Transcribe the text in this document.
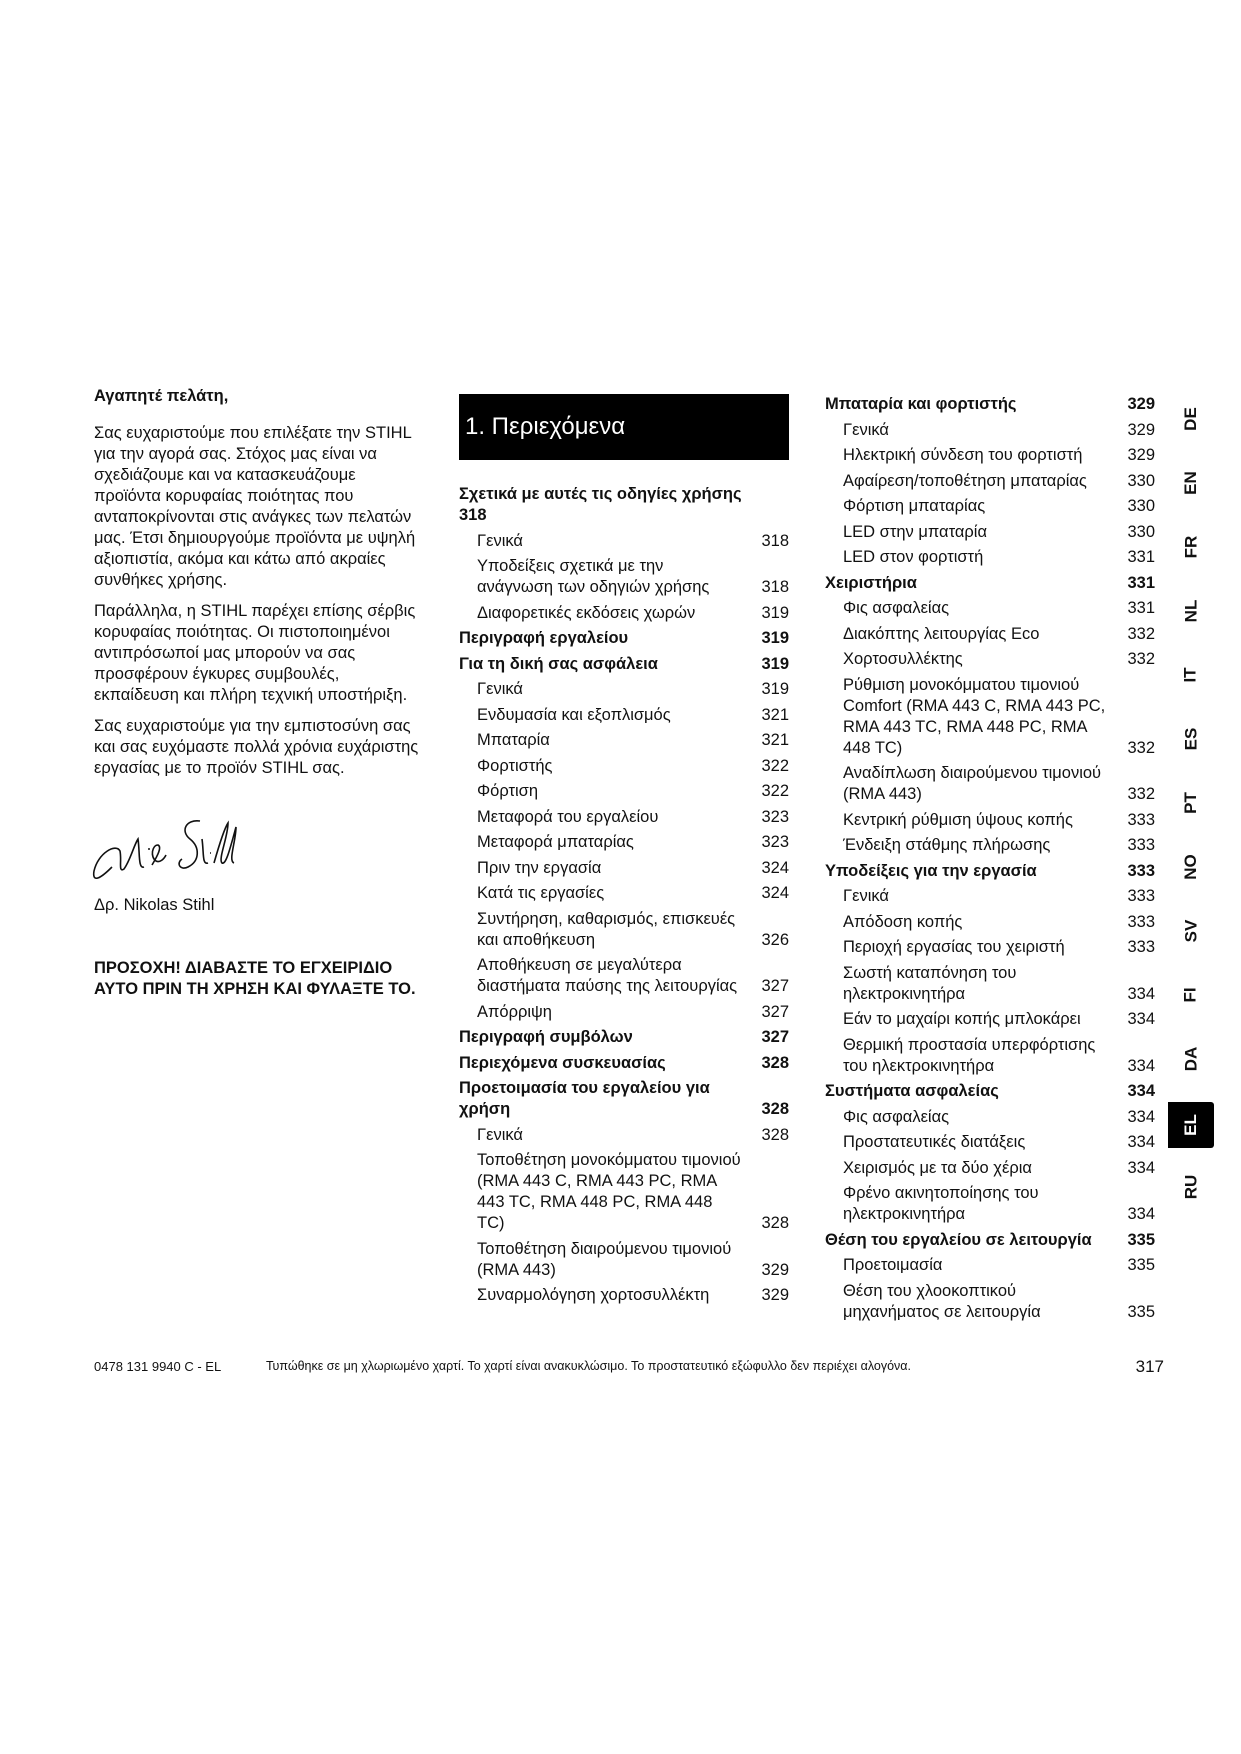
Αγαπητέ πελάτη,

Σας ευχαριστούμε που επιλέξατε την STIHL για την αγορά σας. Στόχος μας είναι να σχεδιάζουμε και να κατασκευάζουμε προϊόντα κορυφαίας ποιότητας που ανταποκρίνονται στις ανάγκες των πελατών μας. Έτσι δημιουργούμε προϊόντα με υψηλή αξιοπιστία, ακόμα και κάτω από ακραίες συνθήκες χρήσης.

Παράλληλα, η STIHL παρέχει επίσης σέρβις κορυφαίας ποιότητας. Οι πιστοποιημένοι αντιπρόσωποί μας μπορούν να σας προσφέρουν έγκυρες συμβουλές, εκπαίδευση και πλήρη τεχνική υποστήριξη.

Σας ευχαριστούμε για την εμπιστοσύνη σας και σας ευχόμαστε πολλά χρόνια ευχάριστης εργασίας με το προϊόν STIHL σας.

Δρ. Nikolas Stihl
ΠΡΟΣΟΧΗ! ΔΙΑΒΑΣΤΕ ΤΟ ΕΓΧΕΙΡΙΔΙΟ ΑΥΤΟ ΠΡΙΝ ΤΗ ΧΡΗΣΗ ΚΑΙ ΦΥΛΑΞΤΕ ΤΟ.
1. Περιεχόμενα
Σχετικά με αυτές τις οδηγίες χρήσης 318
Γενικά	318
Υποδείξεις σχετικά με την ανάγνωση των οδηγιών χρήσης	318
Διαφορετικές εκδόσεις χωρών	319
Περιγραφή εργαλείου	319
Για τη δική σας ασφάλεια	319
Γενικά	319
Ενδυμασία και εξοπλισμός	321
Μπαταρία	321
Φορτιστής	322
Φόρτιση	322
Μεταφορά του εργαλείου	323
Μεταφορά μπαταρίας	323
Πριν την εργασία	324
Κατά τις εργασίες	324
Συντήρηση, καθαρισμός, επισκευές και αποθήκευση	326
Αποθήκευση σε μεγαλύτερα διαστήματα παύσης της λειτουργίας	327
Απόρριψη	327
Περιγραφή συμβόλων	327
Περιεχόμενα συσκευασίας	328
Προετοιμασία του εργαλείου για χρήση	328
Γενικά	328
Τοποθέτηση μονοκόμματου τιμονιού (RMA 443 C, RMA 443 PC, RMA 443 TC, RMA 448 PC, RMA 448 TC)	328
Τοποθέτηση διαιρούμενου τιμονιού (RMA 443)	329
Συναρμολόγηση χορτοσυλλέκτη	329
Μπαταρία και φορτιστής	329
Γενικά	329
Ηλεκτρική σύνδεση του φορτιστή	329
Αφαίρεση/τοποθέτηση μπαταρίας	330
Φόρτιση μπαταρίας	330
LED στην μπαταρία	330
LED στον φορτιστή	331
Χειριστήρια	331
Φις ασφαλείας	331
Διακόπτης λειτουργίας Eco	332
Χορτοσυλλέκτης	332
Ρύθμιση μονοκόμματου τιμονιού Comfort (RMA 443 C, RMA 443 PC, RMA 443 TC, RMA 448 PC, RMA 448 TC)	332
Αναδίπλωση διαιρούμενου τιμονιού (RMA 443)	332
Κεντρική ρύθμιση ύψους κοπής	333
Ένδειξη στάθμης πλήρωσης	333
Υποδείξεις για την εργασία	333
Γενικά	333
Απόδοση κοπής	333
Περιοχή εργασίας του χειριστή	333
Σωστή καταπόνηση του ηλεκτροκινητήρα	334
Εάν το μαχαίρι κοπής μπλοκάρει	334
Θερμική προστασία υπερφόρτισης του ηλεκτροκινητήρα	334
Συστήματα ασφαλείας	334
Φις ασφαλείας	334
Προστατευτικές διατάξεις	334
Χειρισμός με τα δύο χέρια	334
Φρένο ακινητοποίησης του ηλεκτροκινητήρα	334
Θέση του εργαλείου σε λειτουργία	335
Προετοιμασία	335
Θέση του χλοοκοπτικού μηχανήματος σε λειτουργία	335
DE
EN
FR
NL
IT
ES
PT
NO
SV
FI
DA
EL
RU
0478 131 9940 C - EL	Τυπώθηκε σε μη χλωριωμένο χαρτί. Το χαρτί είναι ανακυκλώσιμο. Το προστατευτικό εξώφυλλο δεν περιέχει αλογόνα.	317
